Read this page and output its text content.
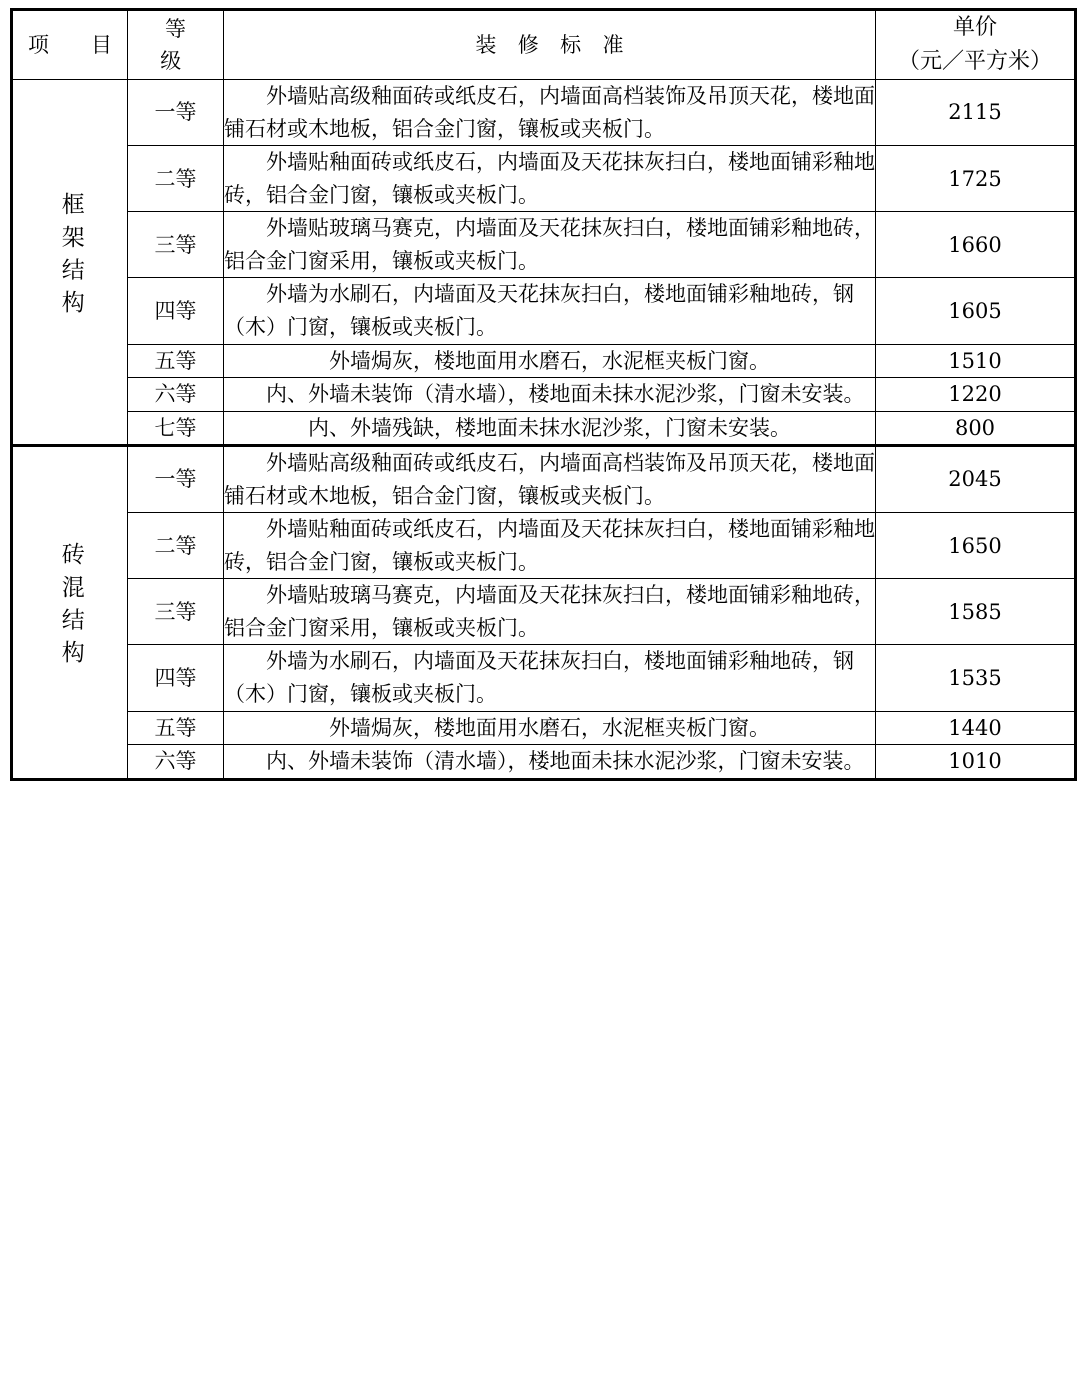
项　目	等　级	装 修 标 准	单价
（元／平方米）

框架结构	一等	外墙贴高级釉面砖或纸皮石，内墙面高档装饰及吊顶天花，楼地面铺石材或木地板，铝合金门窗，镶板或夹板门。	2115
	二等	外墙贴釉面砖或纸皮石，内墙面及天花抹灰扫白，楼地面铺彩釉地砖，铝合金门窗，镶板或夹板门。	1725
	三等	外墙贴玻璃马赛克，内墙面及天花抹灰扫白，楼地面铺彩釉地砖，铝合金门窗采用，镶板或夹板门。	1660
	四等	外墙为水刷石，内墙面及天花抹灰扫白，楼地面铺彩釉地砖，钢（木）门窗，镶板或夹板门。	1605
	五等	外墙焗灰，楼地面用水磨石，水泥框夹板门窗。	1510
	六等	内、外墙未装饰（清水墙），楼地面未抹水泥沙浆，门窗未安装。	1220
	七等	内、外墙残缺，楼地面未抹水泥沙浆，门窗未安装。	800
砖混结构	一等	外墙贴高级釉面砖或纸皮石，内墙面高档装饰及吊顶天花，楼地面铺石材或木地板，铝合金门窗，镶板或夹板门。	2045
	二等	外墙贴釉面砖或纸皮石，内墙面及天花抹灰扫白，楼地面铺彩釉地砖，铝合金门窗，镶板或夹板门。	1650
	三等	外墙贴玻璃马赛克，内墙面及天花抹灰扫白，楼地面铺彩釉地砖，铝合金门窗采用，镶板或夹板门。	1585
	四等	外墙为水刷石，内墙面及天花抹灰扫白，楼地面铺彩釉地砖，钢（木）门窗，镶板或夹板门。	1535
	五等	外墙焗灰，楼地面用水磨石，水泥框夹板门窗。	1440
	六等	内、外墙未装饰（清水墙），楼地面未抹水泥沙浆，门窗未安装。	1010
